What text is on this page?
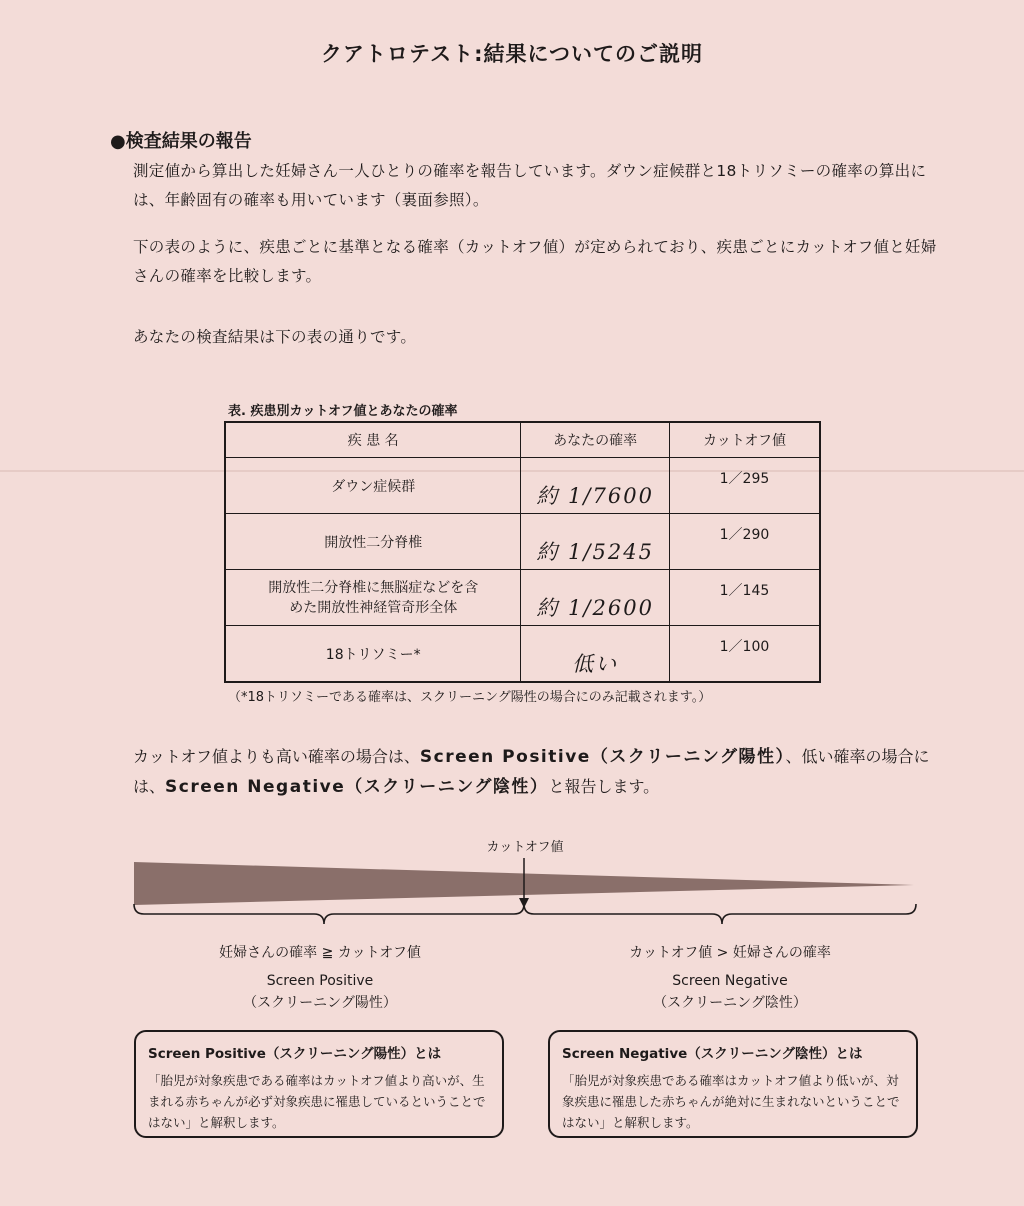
クアトロテスト:結果についてのご説明
●検査結果の報告
測定値から算出した妊婦さん一人ひとりの確率を報告しています。ダウン症候群と18トリソミーの確率の算出には、年齢固有の確率も用いています（裏面参照）。
下の表のように、疾患ごとに基準となる確率（カットオフ値）が定められており、疾患ごとにカットオフ値と妊婦さんの確率を比較します。
あなたの検査結果は下の表の通りです。
表. 疾患別カットオフ値とあなたの確率
疾 患 名	あなたの確率	カットオフ値
ダウン症候群	約 1/7600	1／295
開放性二分脊椎	約 1/5245	1／290
開放性二分脊椎に無脳症などを含めた開放性神経管奇形全体	約 1/2600	1／145
18トリソミー*	低い	1／100
（*18トリソミーである確率は、スクリーニング陽性の場合にのみ記載されます。）
カットオフ値よりも高い確率の場合は、Screen Positive（スクリーニング陽性）、低い確率の場合には、Screen Negative（スクリーニング陰性）と報告します。
カットオフ値
妊婦さんの確率 ≧ カットオフ値
Screen Positive
（スクリーニング陽性）
カットオフ値 > 妊婦さんの確率
Screen Negative
（スクリーニング陰性）
Screen Positive（スクリーニング陽性）とは
「胎児が対象疾患である確率はカットオフ値より高いが、生まれる赤ちゃんが必ず対象疾患に罹患しているということではない」と解釈します。
Screen Negative（スクリーニング陰性）とは
「胎児が対象疾患である確率はカットオフ値より低いが、対象疾患に罹患した赤ちゃんが絶対に生まれないということではない」と解釈します。
